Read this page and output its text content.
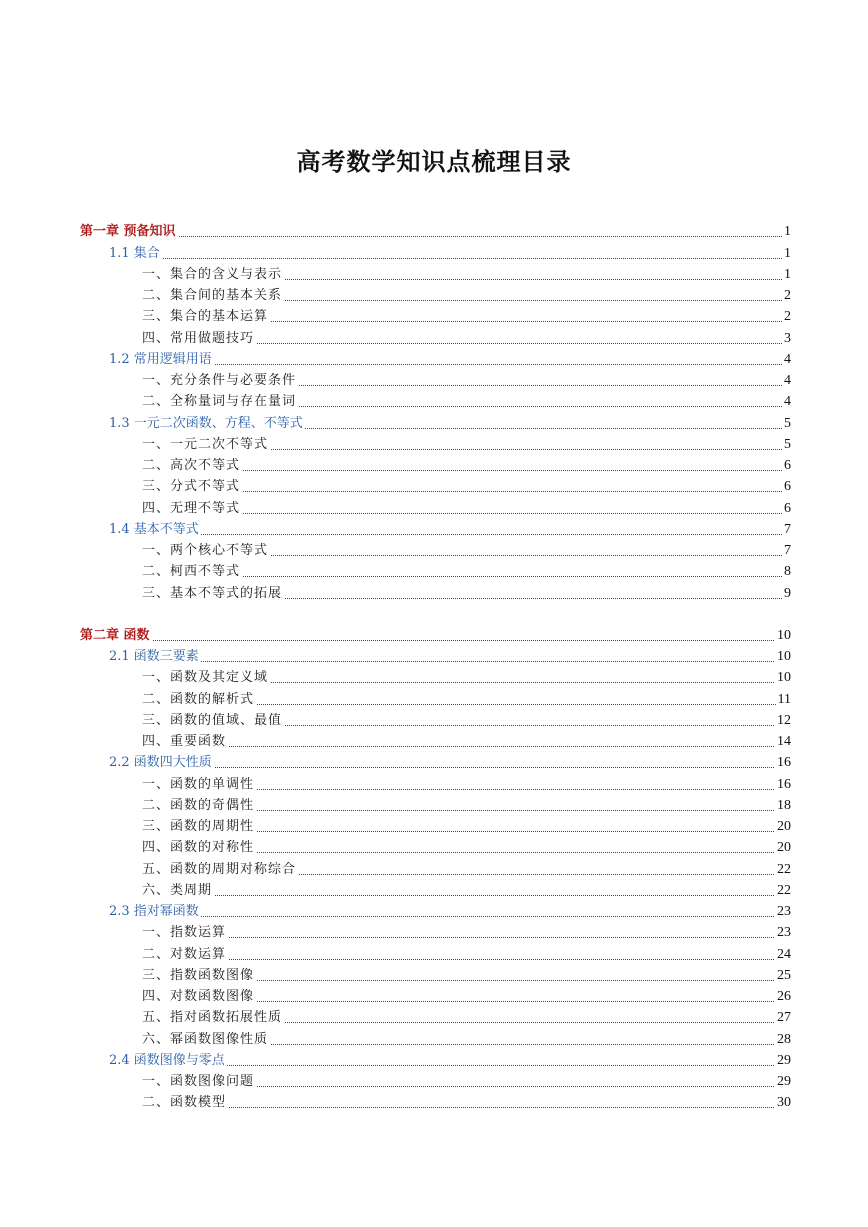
高考数学知识点梳理目录
第一章 预备知识	1
1.1 集合	1
一、集合的含义与表示	1
二、集合间的基本关系	2
三、集合的基本运算	2
四、常用做题技巧	3
1.2 常用逻辑用语	4
一、充分条件与必要条件	4
二、全称量词与存在量词	4
1.3 一元二次函数、方程、不等式	5
一、一元二次不等式	5
二、高次不等式	6
三、分式不等式	6
四、无理不等式	6
1.4 基本不等式	7
一、两个核心不等式	7
二、柯西不等式	8
三、基本不等式的拓展	9
第二章 函数	10
2.1 函数三要素	10
一、函数及其定义域	10
二、函数的解析式	11
三、函数的值域、最值	12
四、重要函数	14
2.2 函数四大性质	16
一、函数的单调性	16
二、函数的奇偶性	18
三、函数的周期性	20
四、函数的对称性	20
五、函数的周期对称综合	22
六、类周期	22
2.3 指对幂函数	23
一、指数运算	23
二、对数运算	24
三、指数函数图像	25
四、对数函数图像	26
五、指对函数拓展性质	27
六、幂函数图像性质	28
2.4 函数图像与零点	29
一、函数图像问题	29
二、函数模型	30
